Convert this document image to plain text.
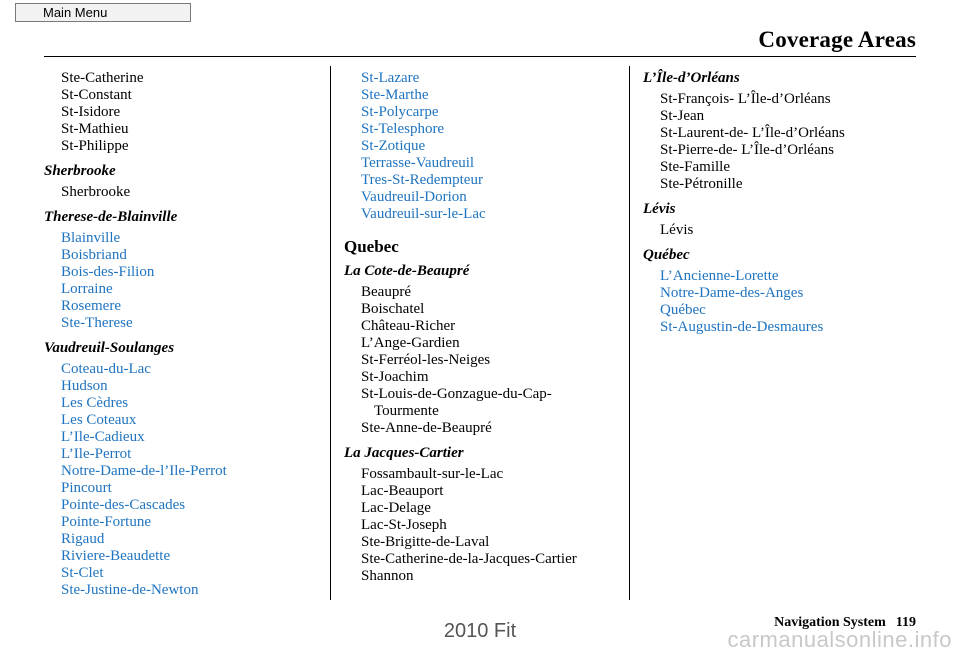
Main Menu
Coverage Areas
Ste-Catherine
St-Constant
St-Isidore
St-Mathieu
St-Philippe
Sherbrooke
Sherbrooke
Therese-de-Blainville
Blainville
Boisbriand
Bois-des-Filion
Lorraine
Rosemere
Ste-Therese
Vaudreuil-Soulanges
Coteau-du-Lac
Hudson
Les Cèdres
Les Coteaux
L’Ile-Cadieux
L’Ile-Perrot
Notre-Dame-de-l’Ile-Perrot
Pincourt
Pointe-des-Cascades
Pointe-Fortune
Rigaud
Riviere-Beaudette
St-Clet
Ste-Justine-de-Newton
St-Lazare
Ste-Marthe
St-Polycarpe
St-Telesphore
St-Zotique
Terrasse-Vaudreuil
Tres-St-Redempteur
Vaudreuil-Dorion
Vaudreuil-sur-le-Lac
Quebec
La Cote-de-Beaupré
Beaupré
Boischatel
Château-Richer
L’Ange-Gardien
St-Ferréol-les-Neiges
St-Joachim
St-Louis-de-Gonzague-du-Cap-
Tourmente
Ste-Anne-de-Beaupré
La Jacques-Cartier
Fossambault-sur-le-Lac
Lac-Beauport
Lac-Delage
Lac-St-Joseph
Ste-Brigitte-de-Laval
Ste-Catherine-de-la-Jacques-Cartier
Shannon
L’Île-d’Orléans
St-François- L’Île-d’Orléans
St-Jean
St-Laurent-de- L’Île-d’Orléans
St-Pierre-de- L’Île-d’Orléans
Ste-Famille
Ste-Pétronille
Lévis
Lévis
Québec
L’Ancienne-Lorette
Notre-Dame-des-Anges
Québec
St-Augustin-de-Desmaures
Navigation System 119
2010 Fit	carmanualsonline.info
